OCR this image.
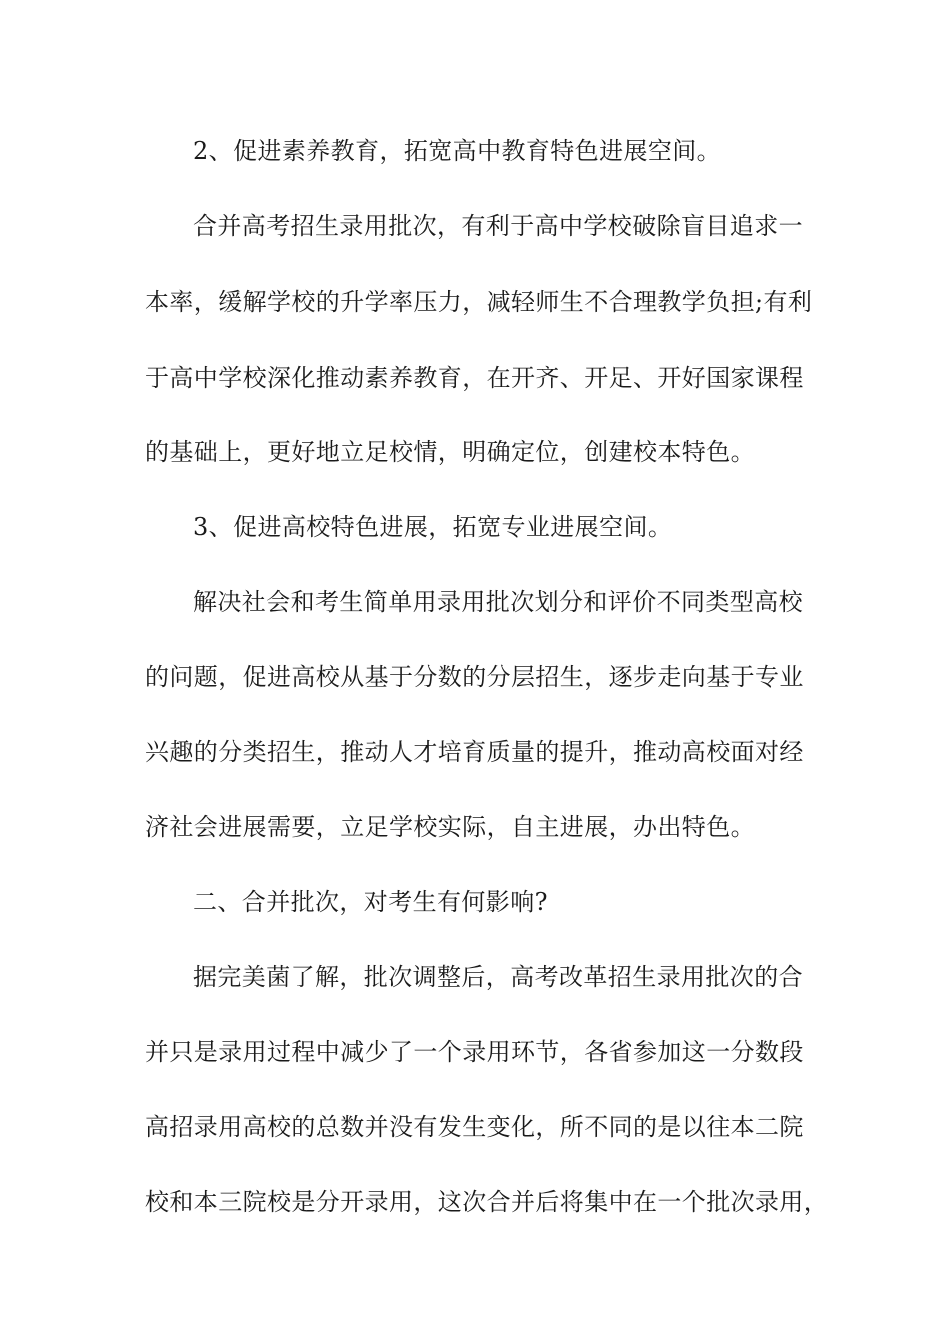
2、促进素养教育，拓宽高中教育特色进展空间。
合并高考招生录用批次，有利于高中学校破除盲目追求一
本率，缓解学校的升学率压力，减轻师生不合理教学负担;有利
于高中学校深化推动素养教育，在开齐、开足、开好国家课程
的基础上，更好地立足校情，明确定位，创建校本特色。
3、促进高校特色进展，拓宽专业进展空间。
解决社会和考生简单用录用批次划分和评价不同类型高校
的问题，促进高校从基于分数的分层招生，逐步走向基于专业
兴趣的分类招生，推动人才培育质量的提升，推动高校面对经
济社会进展需要，立足学校实际，自主进展，办出特色。
二、合并批次，对考生有何影响?
据完美菌了解，批次调整后，高考改革招生录用批次的合
并只是录用过程中减少了一个录用环节，各省参加这一分数段
高招录用高校的总数并没有发生变化，所不同的是以往本二院
校和本三院校是分开录用，这次合并后将集中在一个批次录用，
